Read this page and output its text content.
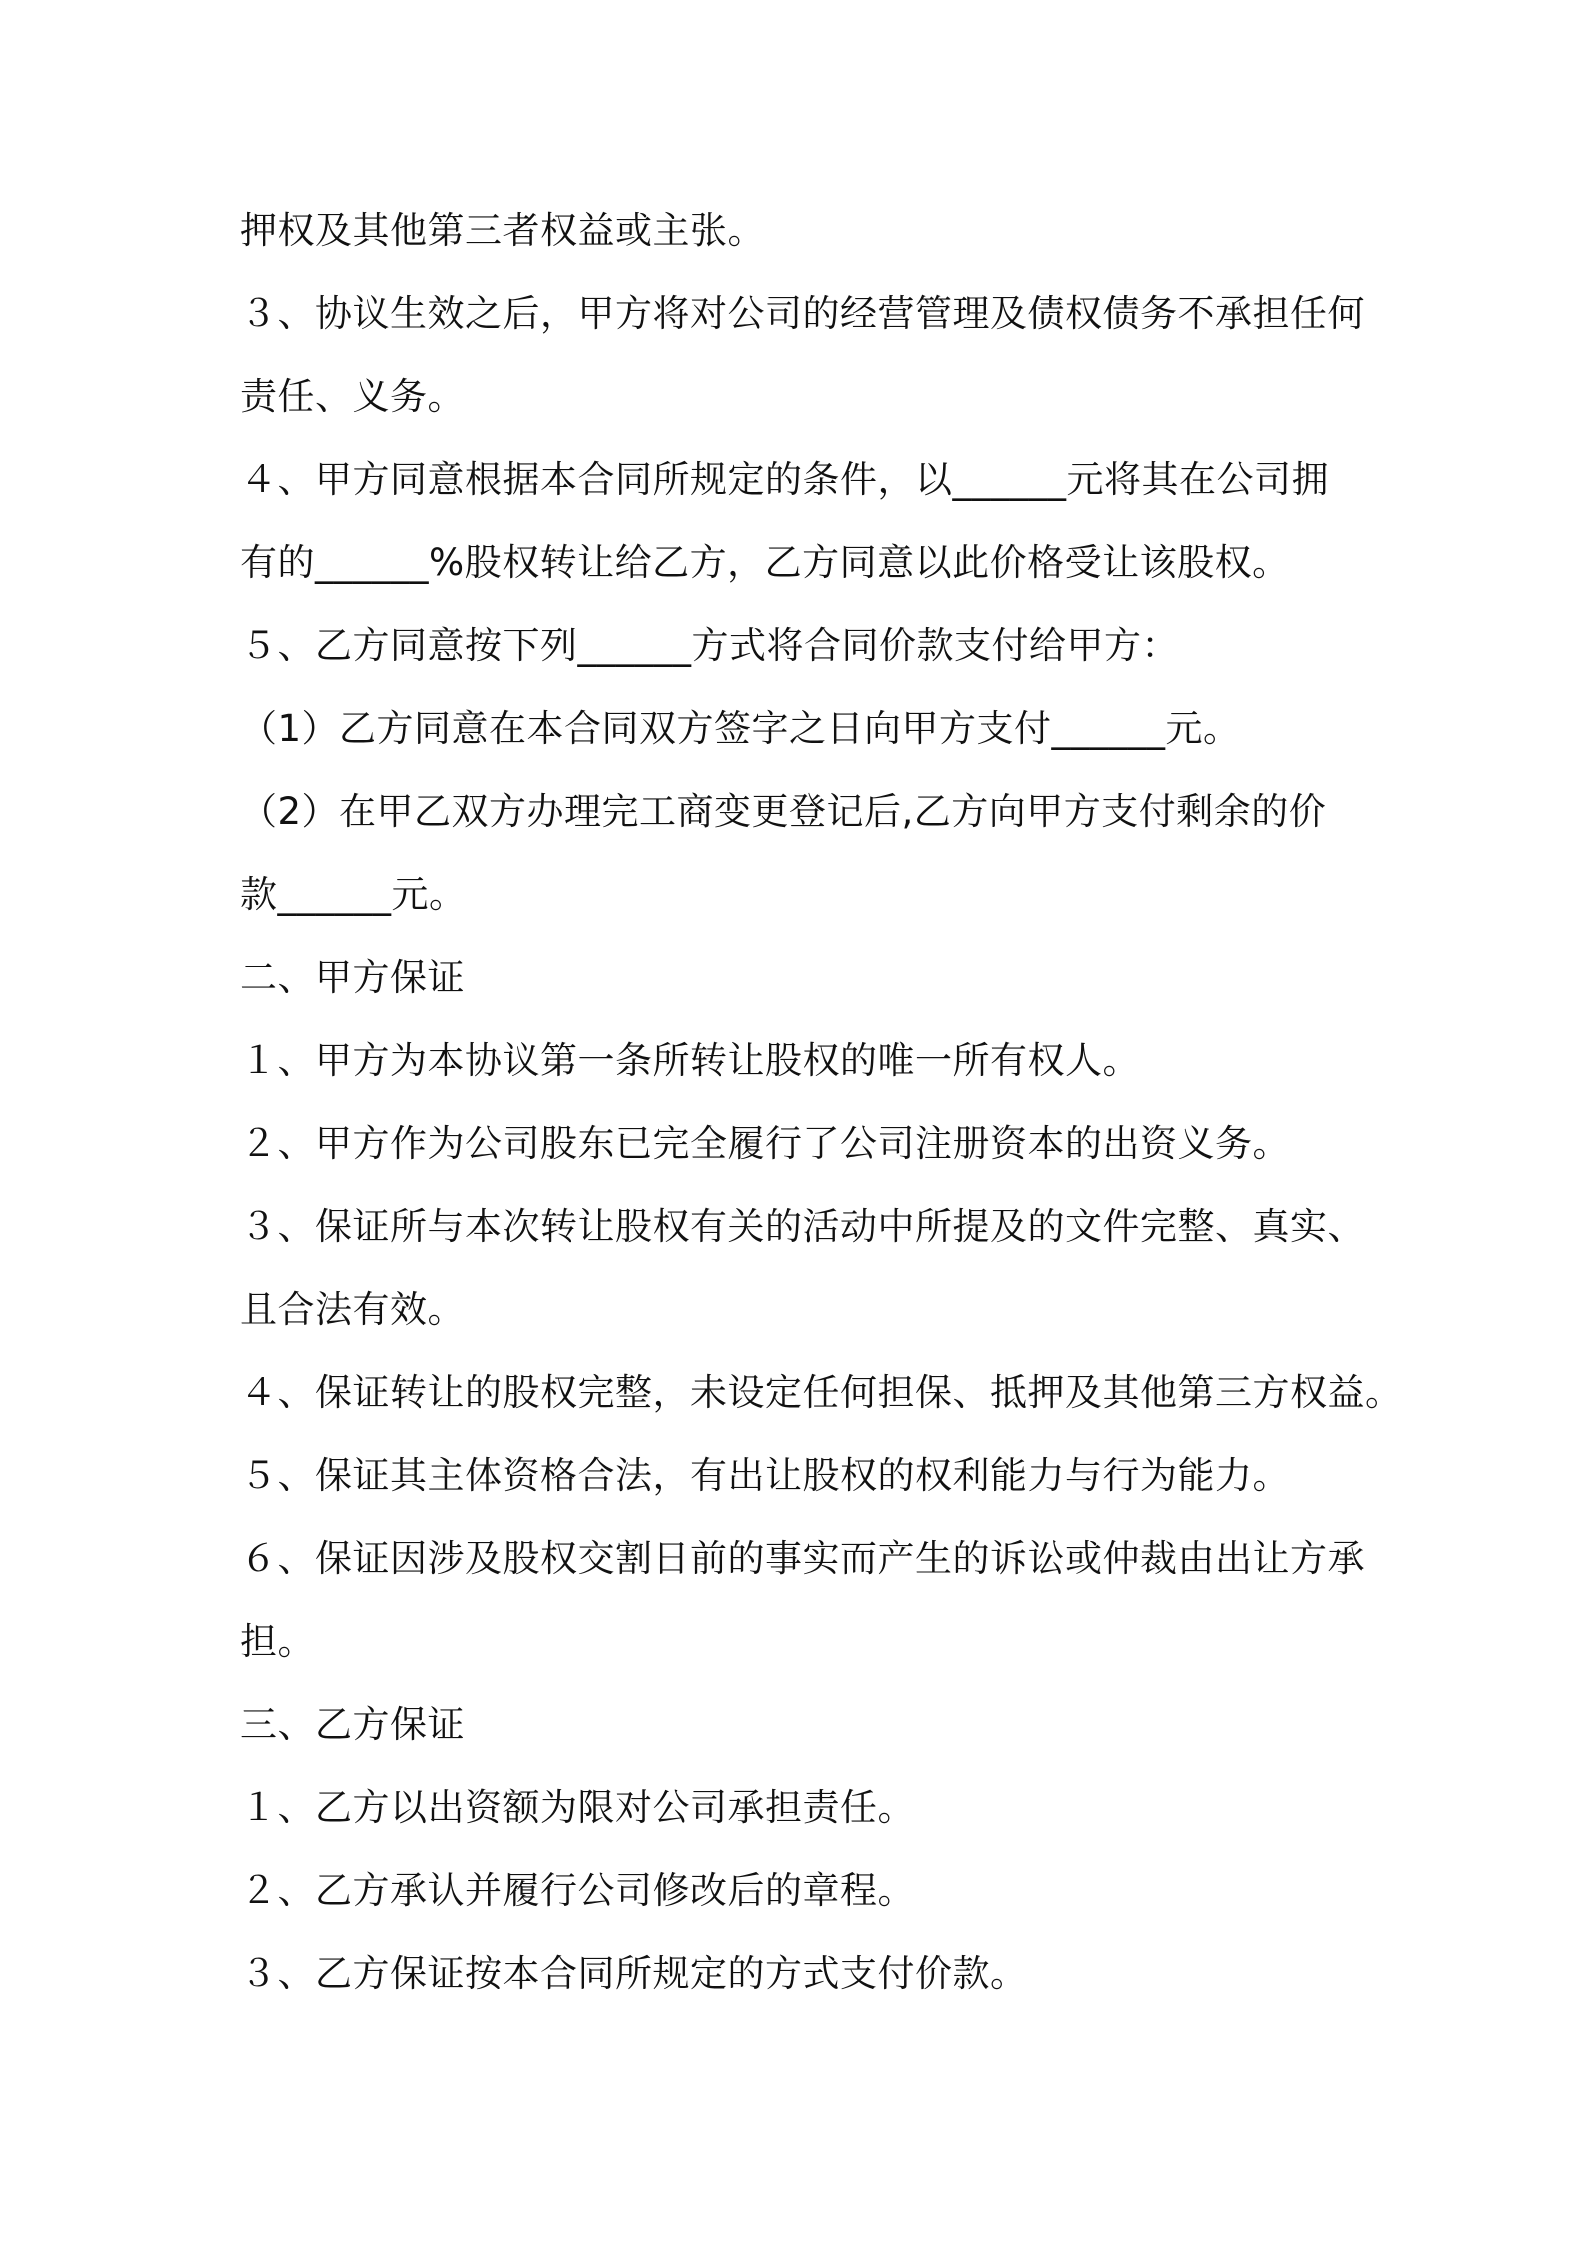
押权及其他第三者权益或主张。
３、协议生效之后，甲方将对公司的经营管理及债权债务不承担任何
责任、义务。
４、甲方同意根据本合同所规定的条件，以______元将其在公司拥
有的______%股权转让给乙方，乙方同意以此价格受让该股权。
５、乙方同意按下列______方式将合同价款支付给甲方：
（1）乙方同意在本合同双方签字之日向甲方支付______元。
（2）在甲乙双方办理完工商变更登记后,乙方向甲方支付剩余的价
款______元。
二、甲方保证
１、甲方为本协议第一条所转让股权的唯一所有权人。
２、甲方作为公司股东已完全履行了公司注册资本的出资义务。
３、保证所与本次转让股权有关的活动中所提及的文件完整、真实、
且合法有效。
４、保证转让的股权完整，未设定任何担保、抵押及其他第三方权益。
５、保证其主体资格合法，有出让股权的权利能力与行为能力。
６、保证因涉及股权交割日前的事实而产生的诉讼或仲裁由出让方承
担。
三、乙方保证
１、乙方以出资额为限对公司承担责任。
２、乙方承认并履行公司修改后的章程。
３、乙方保证按本合同所规定的方式支付价款。
